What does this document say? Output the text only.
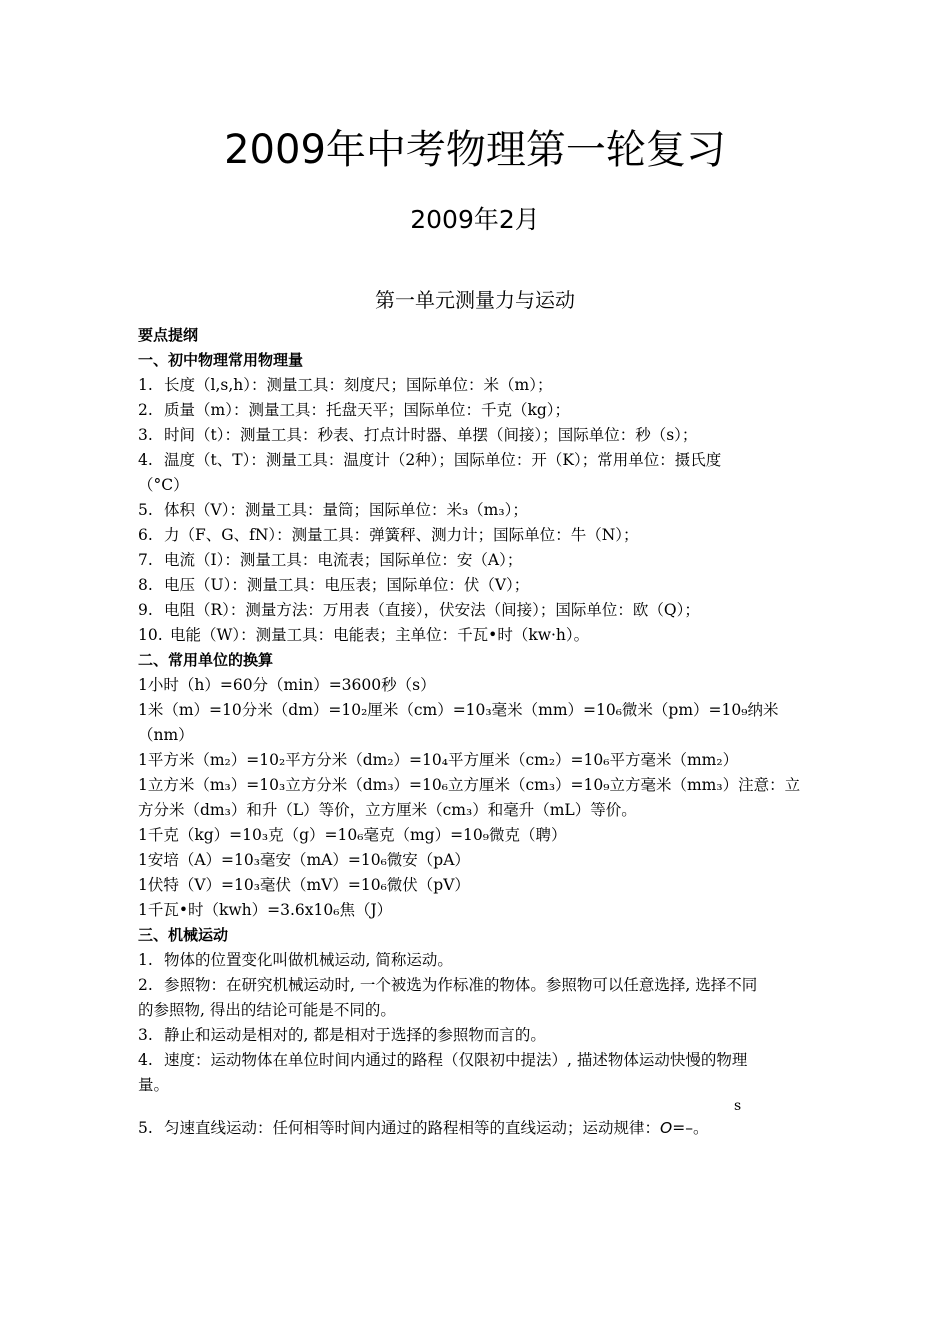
2009年中考物理第一轮复习
2009年2月
第一单元测量力与运动

要点提纲

一、初中物理常用物理量

1. 长度（l,s,h）：测量工具：刻度尺；国际单位：米（m）；

2. 质量（m）：测量工具：托盘天平；国际单位：千克（kg）；

3. 时间（t）：测量工具：秒表、打点计时器、单摆（间接）；国际单位：秒（s）；

4. 温度（t、T）：测量工具：温度计（2种）；国际单位：开（K）；常用单位：摄氏度

（°C）

5. 体积（V）：测量工具：量筒；国际单位：米₃（m₃）；

6. 力（F、G、fN）：测量工具：弹簧秤、测力计；国际单位：牛（N）；

7. 电流（I）：测量工具：电流表；国际单位：安（A）；

8. 电压（U）：测量工具：电压表；国际单位：伏（V）；

9. 电阻（R）：测量方法：万用表（直接），伏安法（间接）；国际单位：欧（Q）；

10. 电能（W）：测量工具：电能表；主单位：千瓦•时（kw·h）。

二、常用单位的换算

1小时（h）=60分（min）=3600秒（s）

1米（m）=10分米（dm）=10₂厘米（cm）=10₃毫米（mm）=10₆微米（pm）=10₉纳米

（nm）

1平方米（m₂）=10₂平方分米（dm₂）=10₄平方厘米（cm₂）=10₆平方毫米（mm₂）

1立方米（m₃）=10₃立方分米（dm₃）=10₆立方厘米（cm₃）=10₉立方毫米（mm₃）注意：立

方分米（dm₃）和升（L）等价，立方厘米（cm₃）和毫升（mL）等价。

1千克（kg）=10₃克（g）=10₆毫克（mg）=10₉微克（聘）

1安培（A）=10₃毫安（mA）=10₆微安（pA）

1伏特（V）=10₃毫伏（mV）=10₆微伏（pV）

1千瓦•时（kwh）=3.6x10₆焦（J）

三、机械运动

1. 物体的位置变化叫做机械运动, 简称运动。

2. 参照物：在研究机械运动时, 一个被选为作标准的物体。参照物可以任意选择, 选择不同

的参照物, 得出的结论可能是不同的。

3. 静止和运动是相对的, 都是相对于选择的参照物而言的。

4. 速度：运动物体在单位时间内通过的路程（仅限初中提法）, 描述物体运动快慢的物理

量。

s

5. 匀速直线运动：任何相等时间内通过的路程相等的直线运动；运动规律：O=–。
